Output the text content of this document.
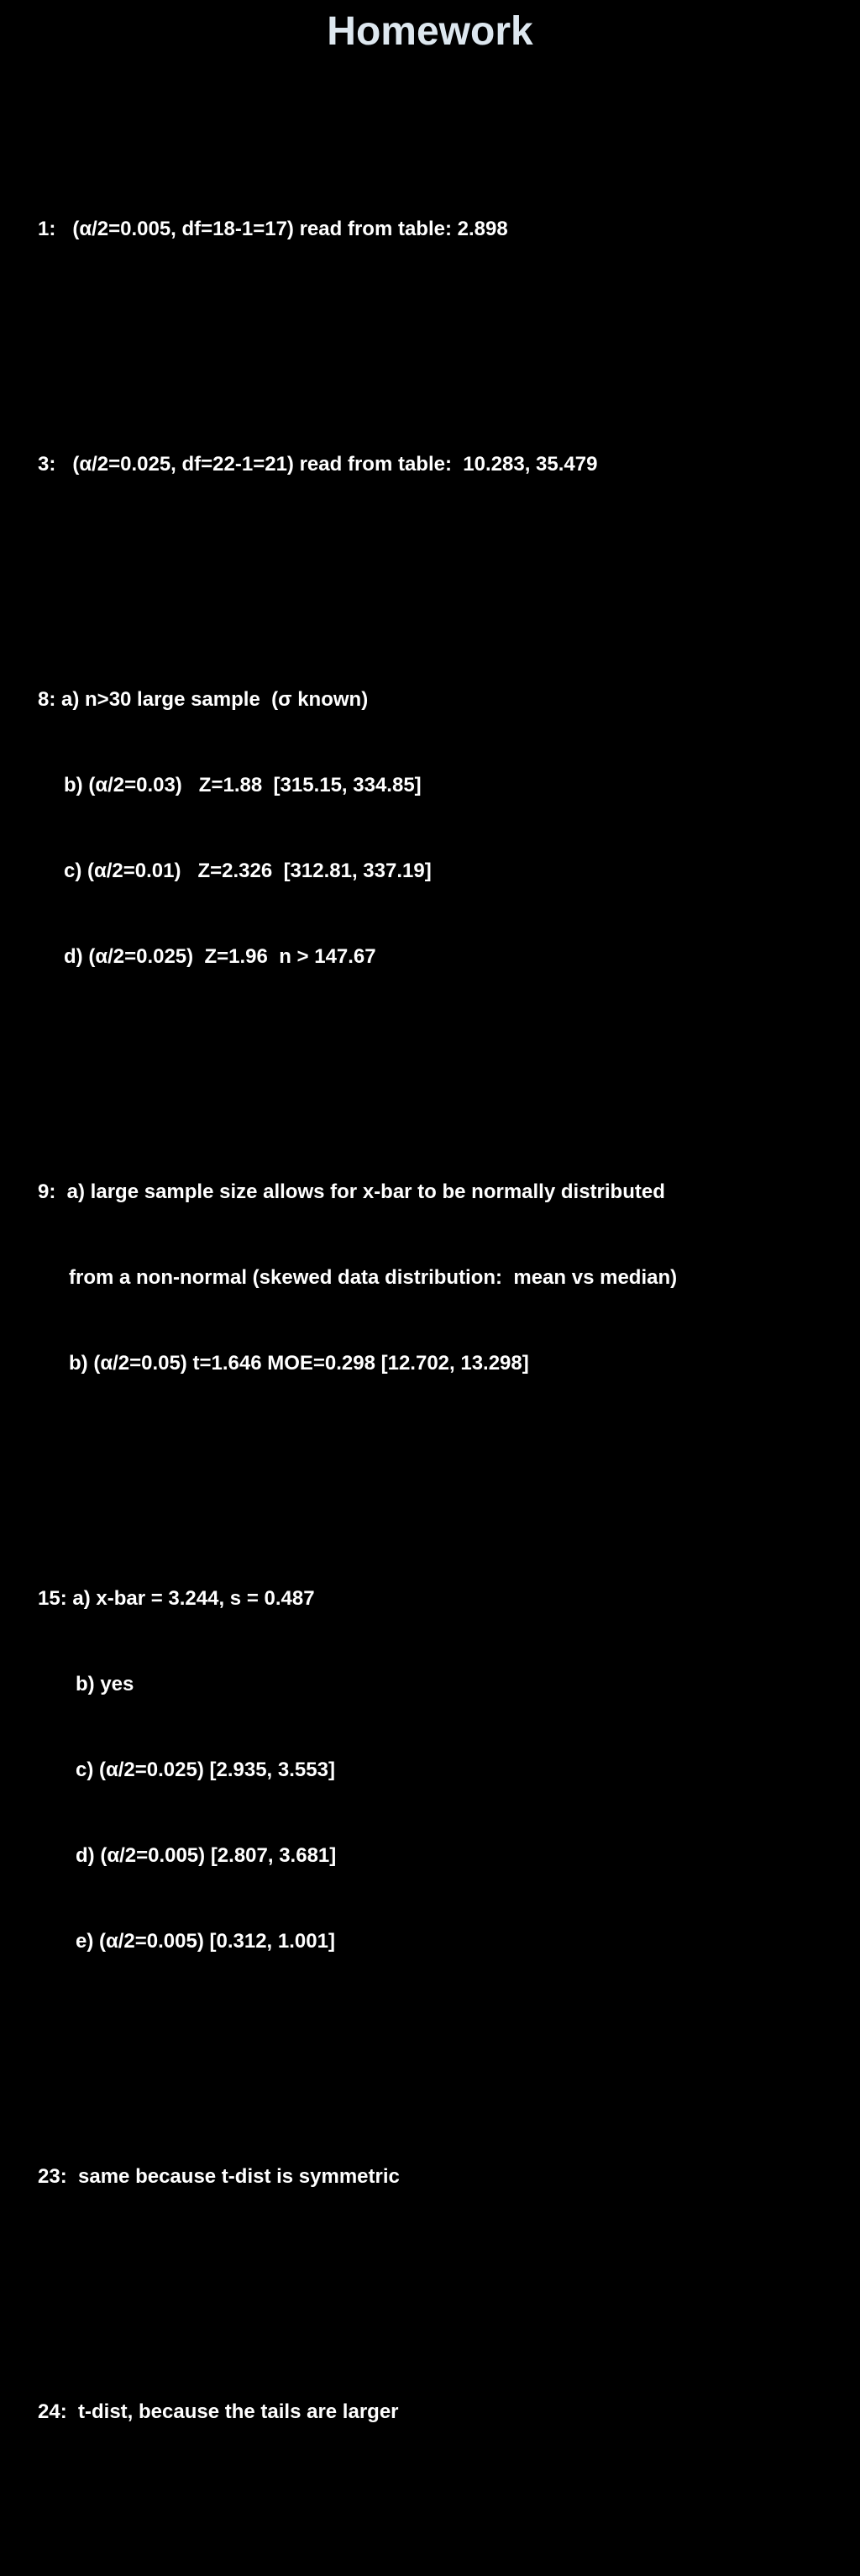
Homework

1:   (α/2=0.005, df=18-1=17) read from table: 2.898

3:   (α/2=0.025, df=22-1=21) read from table:  10.283, 35.479

8: a) n>30 large sample  (σ known)

b) (α/2=0.03)   Z=1.88  [315.15, 334.85]

c) (α/2=0.01)   Z=2.326  [312.81, 337.19]

d) (α/2=0.025)  Z=1.96  n > 147.67

9:  a) large sample size allows for x-bar to be normally distributed

from a non-normal (skewed data distribution:  mean vs median)

b) (α/2=0.05) t=1.646 MOE=0.298 [12.702, 13.298]

15: a) x-bar = 3.244, s = 0.487

b) yes

c) (α/2=0.025) [2.935, 3.553]

d) (α/2=0.005) [2.807, 3.681]

e) (α/2=0.005) [0.312, 1.001]

23:  same because t-dist is symmetric

24:  t-dist, because the tails are larger
